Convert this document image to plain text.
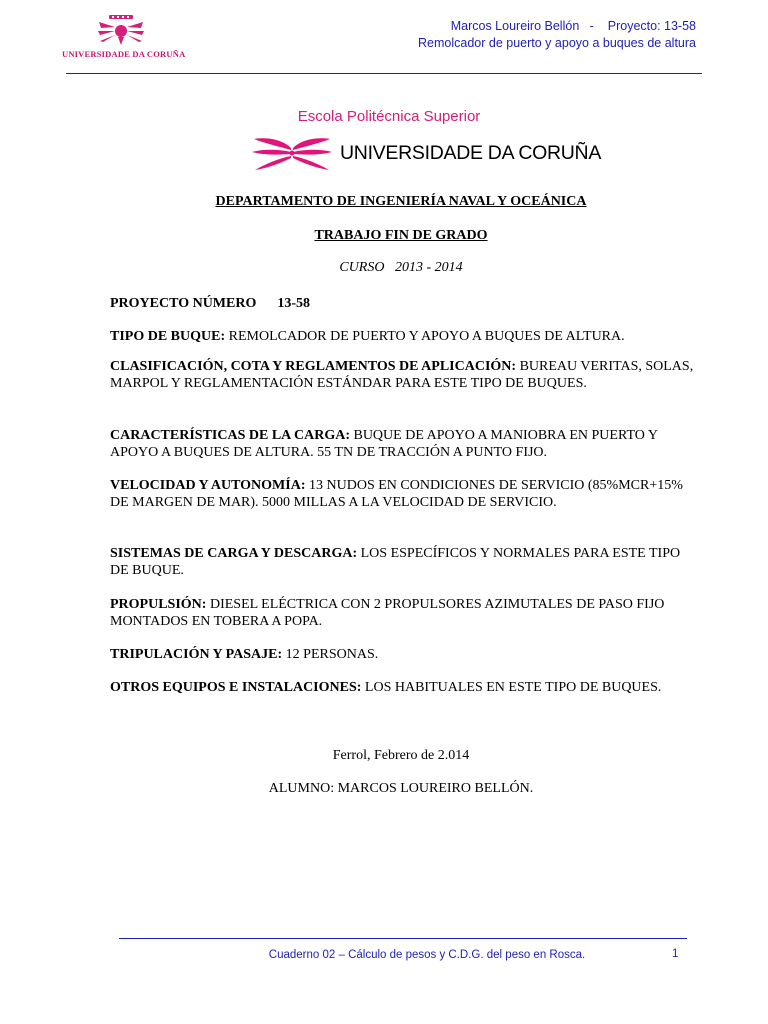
UNIVERSIDADE DA CORUÑA
Marcos Loureiro Bellón   -    Proyecto: 13-58
Remolcador de puerto y apoyo a buques de altura
Escola Politécnica Superior
UNIVERSIDADE DA CORUÑA
DEPARTAMENTO DE INGENIERÍA NAVAL Y OCEÁNICA
TRABAJO FIN DE GRADO
CURSO   2013 - 2014
PROYECTO NÚMERO 13-58
TIPO DE BUQUE: REMOLCADOR DE PUERTO Y APOYO A BUQUES DE ALTURA.
CLASIFICACIÓN, COTA Y REGLAMENTOS DE APLICACIÓN: BUREAU VERITAS, SOLAS, MARPOL Y REGLAMENTACIÓN ESTÁNDAR PARA ESTE TIPO DE BUQUES.
CARACTERÍSTICAS DE LA CARGA: BUQUE DE APOYO A MANIOBRA EN PUERTO Y APOYO A BUQUES DE ALTURA. 55 TN DE TRACCIÓN A PUNTO FIJO.
VELOCIDAD Y AUTONOMÍA: 13 NUDOS EN CONDICIONES DE SERVICIO (85%MCR+15% DE MARGEN DE MAR). 5000 MILLAS A LA VELOCIDAD DE SERVICIO.
SISTEMAS DE CARGA Y DESCARGA: LOS ESPECÍFICOS Y NORMALES PARA ESTE TIPO DE BUQUE.
PROPULSIÓN: DIESEL ELÉCTRICA CON 2 PROPULSORES AZIMUTALES DE PASO FIJO MONTADOS EN TOBERA A POPA.
TRIPULACIÓN Y PASAJE: 12 PERSONAS.
OTROS EQUIPOS E INSTALACIONES: LOS HABITUALES EN ESTE TIPO DE BUQUES.
Ferrol, Febrero de 2.014
ALUMNO: MARCOS LOUREIRO BELLÓN.
Cuaderno 02 – Cálculo de pesos y C.D.G. del peso en Rosca.	1
